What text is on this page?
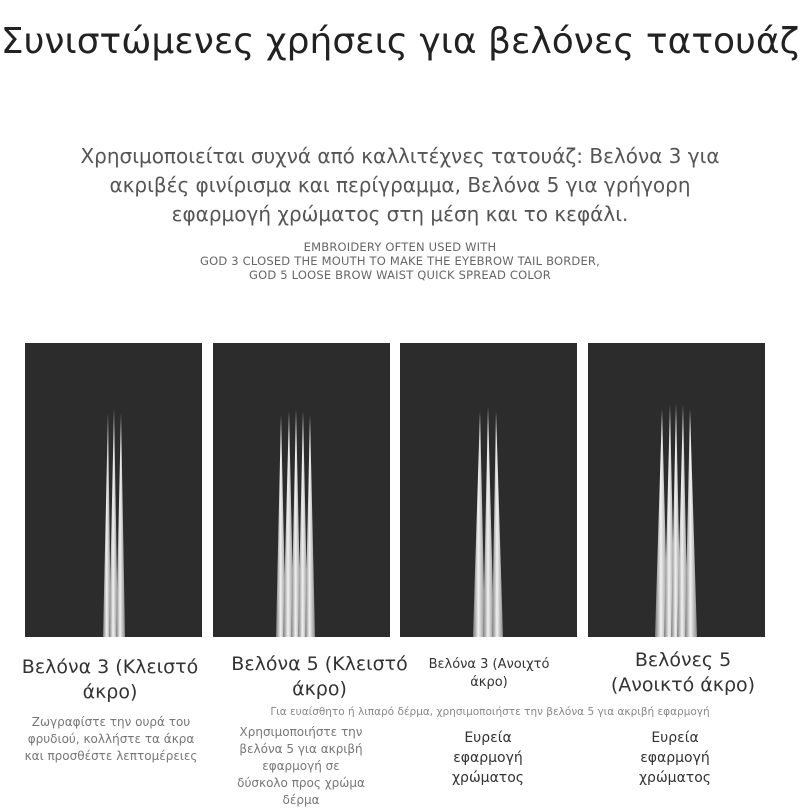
Συνιστώμενες χρήσεις για βελόνες τατουάζ
Χρησιμοποιείται συχνά από καλλιτέχνες τατουάζ: Βελόνα 3 για ακριβές φινίρισμα και περίγραμμα, Βελόνα 5 για γρήγορη εφαρμογή χρώματος στη μέση και το κεφάλι.
EMBROIDERY OFTEN USED WITH
GOD 3 CLOSED THE MOUTH TO MAKE THE EYEBROW TAIL BORDER,
GOD 5 LOOSE BROW WAIST QUICK SPREAD COLOR
Βελόνα 3 (Κλειστό άκρο)
Βελόνα 5 (Κλειστό άκρο)
Βελόνα 3 (Ανοιχτό άκρο)
Βελόνες 5 (Ανοικτό άκρο)
Ζωγραφίστε την ουρά του φρυδιού, κολλήστε τα άκρα και προσθέστε λεπτομέρειες
Χρησιμοποιήστε την βελόνα 5 για ακριβή εφαρμογή σε δύσκολο προς χρώμα δέρμα
Ευρεία εφαρμογή χρώματος
Ευρεία εφαρμογή χρώματος
Για ευαίσθητο ή λιπαρό δέρμα, χρησιμοποιήστε την βελόνα 5 για ακριβή εφαρμογή
